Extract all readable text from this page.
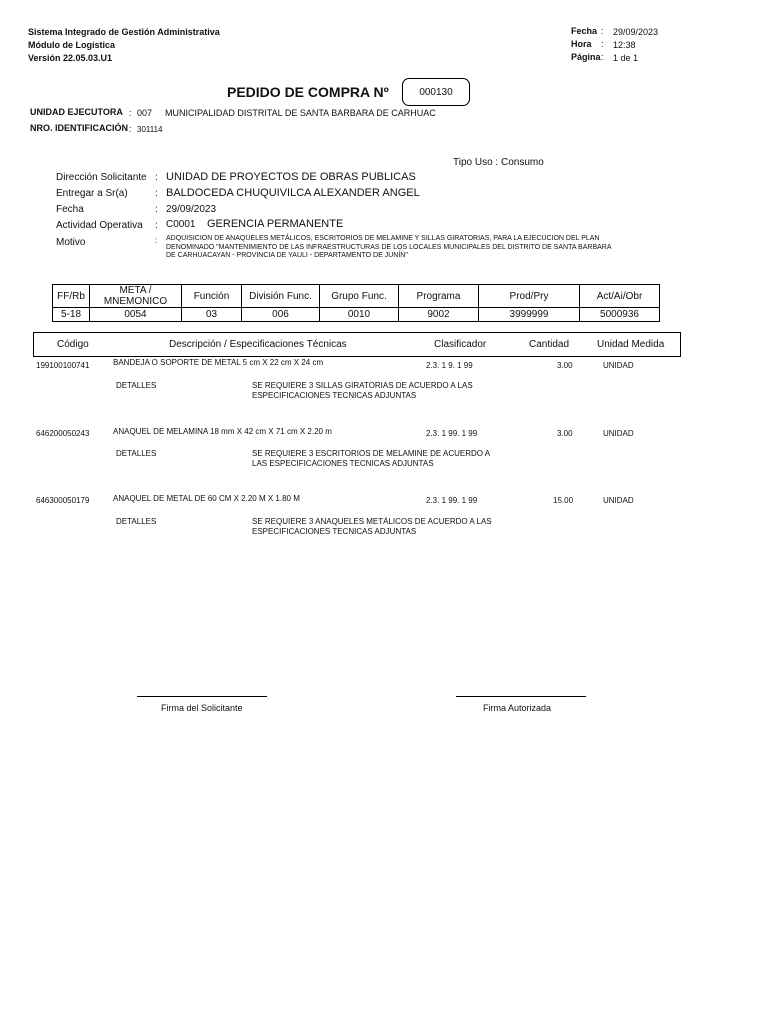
Sistema Integrado de Gestión Administrativa
Módulo de Logística
Versión 22.05.03.U1
Fecha : 29/09/2023
Hora : 12:38
Página : 1 de 1
PEDIDO DE COMPRA Nº	000130
UNIDAD EJECUTORA : 007 MUNICIPALIDAD DISTRITAL DE SANTA BARBARA DE CARHUAC
NRO. IDENTIFICACIÓN : 301114
Tipo Uso : Consumo
Dirección Solicitante : UNIDAD DE PROYECTOS DE OBRAS PUBLICAS
Entregar a Sr(a)	: BALDOCEDA CHUQUIVILCA ALEXANDER ANGEL
Fecha	: 29/09/2023
Actividad Operativa : C0001 GERENCIA PERMANENTE
Motivo	: ADQUISICION DE ANAQUELES METÁLICOS, ESCRITORIOS DE MELAMINE Y SILLAS GIRATORIAS, PARA LA EJECUCION DEL PLAN
DENOMINADO "MANTENIMIENTO DE LAS INFRAESTRUCTURAS DE LOS LOCALES MUNICIPALES DEL DISTRITO DE SANTA BARBARA
DE CARHUACAYAN - PROVINCIA DE YAULI - DEPARTAMENTO DE JUNÍN"
FF/Rb	META / MNEMONICO	Función	División Func.	Grupo Func.	Programa	Prod/Pry	Act/Ai/Obr
5-18	0054	03	006	0010	9002	3999999	5000936
Código	Descripción / Especificaciones Técnicas	Clasificador	Cantidad	Unidad Medida
199100100741	BANDEJA O SOPORTE DE METAL 5 cm X 22 cm X 24 cm	2.3. 1 9. 1 99	3.00	UNIDAD
DETALLES	SE REQUIERE 3 SILLAS GIRATORIAS DE ACUERDO A LAS
ESPECIFICACIONES TECNICAS ADJUNTAS
646200050243	ANAQUEL DE MELAMINA 18 mm X 42 cm X 71 cm X 2.20 m	2.3. 1 99. 1 99	3.00	UNIDAD
DETALLES	SE REQUIERE 3 ESCRITORIOS DE MELAMINE DE ACUERDO A
LAS ESPECIFICACIONES TECNICAS ADJUNTAS
646300050179	ANAQUEL DE METAL DE 60 CM X 2.20 M X 1.80 M	2.3. 1 99. 1 99	15.00	UNIDAD
DETALLES	SE REQUIERE 3 ANAQUELES METÁLICOS DE ACUERDO A LAS
ESPECIFICACIONES TECNICAS ADJUNTAS
Firma del Solicitante	Firma Autorizada
